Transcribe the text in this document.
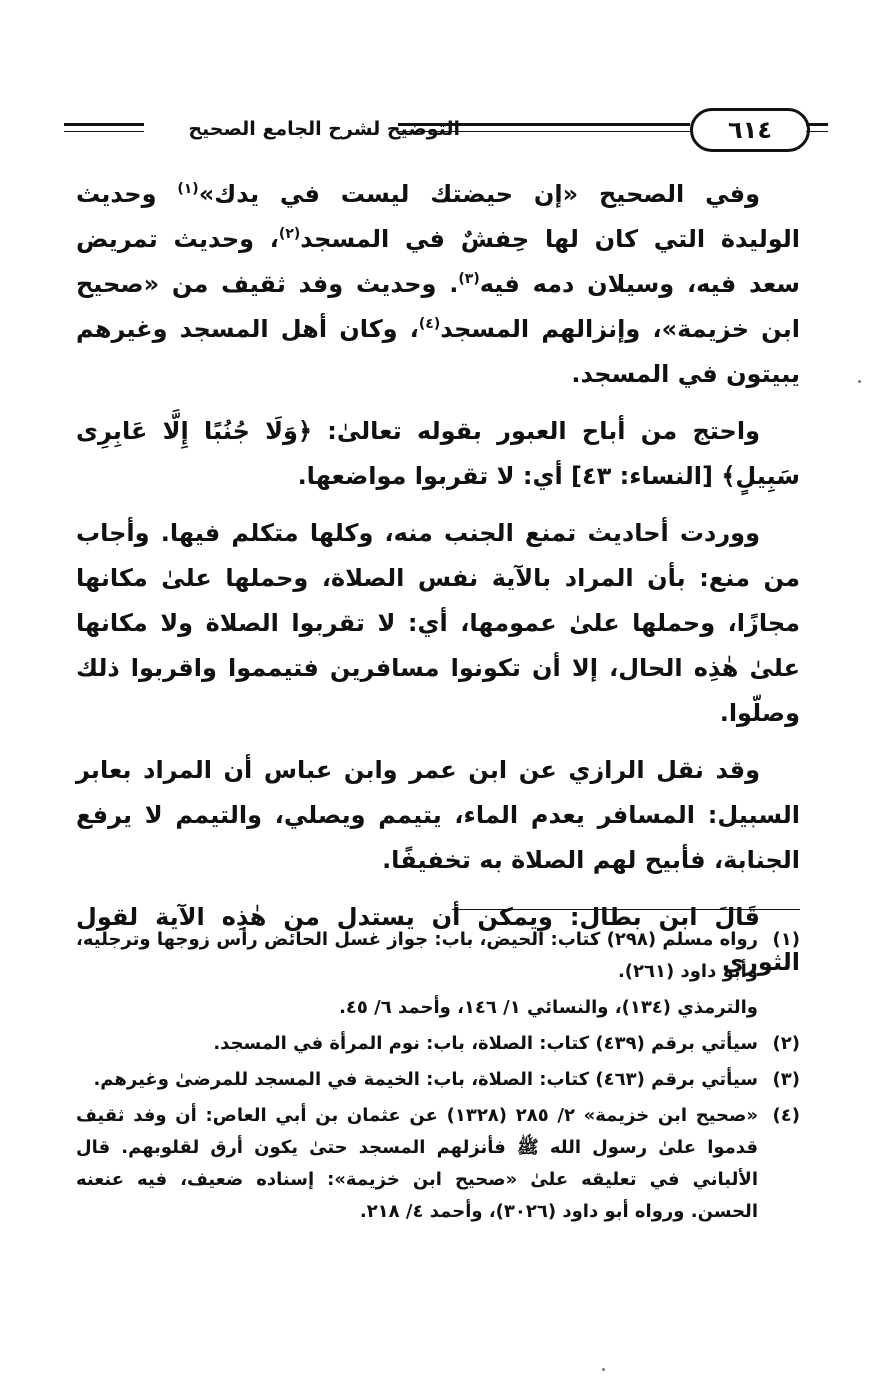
التوضيح لشرح الجامع الصحيح	٦١٤

وفي الصحيح «إن حيضتك ليست في يدك»$^{(١)}$ وحديث الوليدة التي كان لها حِفشٌ في المسجد$^{(٢)}$، وحديث تمريض سعد فيه، وسيلان دمه فيه$^{(٣)}$. وحديث وفد ثقيف من «صحيح ابن خزيمة»، وإنزالهم المسجد$^{(٤)}$، وكان أهل المسجد وغيرهم يبيتون في المسجد.

واحتج من أباح العبور بقوله تعالىٰ: ﴿وَلَا جُنُبًا إِلَّا عَابِرِى سَبِيلٍ﴾ [النساء: ٤٣] أي: لا تقربوا مواضعها.

ووردت أحاديث تمنع الجنب منه، وكلها متكلم فيها. وأجاب من منع: بأن المراد بالآية نفس الصلاة، وحملها علىٰ مكانها مجازًا، وحملها علىٰ عمومها، أي: لا تقربوا الصلاة ولا مكانها علىٰ هٰذِه الحال، إلا أن تكونوا مسافرين فتيمموا واقربوا ذلك وصلّوا.

وقد نقل الرازي عن ابن عمر وابن عباس أن المراد بعابر السبيل: المسافر يعدم الماء، يتيمم ويصلي، والتيمم لا يرفع الجنابة، فأبيح لهم الصلاة به تخفيفًا.

قَالَ ابن بطال: ويمكن أن يستدل من هٰذِه الآية لقول الثوري

(١)
رواه مسلم (٢٩٨) كتاب: الحيض، باب: جواز غسل الحائض رأس زوجها وترجليه، وأبو داود (٢٦١).
والترمذي (١٣٤)، والنسائي ١/ ١٤٦، وأحمد ٦/ ٤٥.
(٢)
سيأتي برقم (٤٣٩) كتاب: الصلاة، باب: نوم المرأة في المسجد.
(٣)
سيأتي برقم (٤٦٣) كتاب: الصلاة، باب: الخيمة في المسجد للمرضىٰ وغيرهم.
(٤)
«صحيح ابن خزيمة» ٢/ ٢٨٥ (١٣٢٨) عن عثمان بن أبي العاص: أن وفد ثقيف قدموا علىٰ رسول الله ﷺ فأنزلهم المسجد حتىٰ يكون أرق لقلوبهم. قال الألباني في تعليقه علىٰ «صحيح ابن خزيمة»: إسناده ضعيف، فيه عنعنه الحسن. ورواه أبو داود (٣٠٢٦)، وأحمد ٤/ ٢١٨.
